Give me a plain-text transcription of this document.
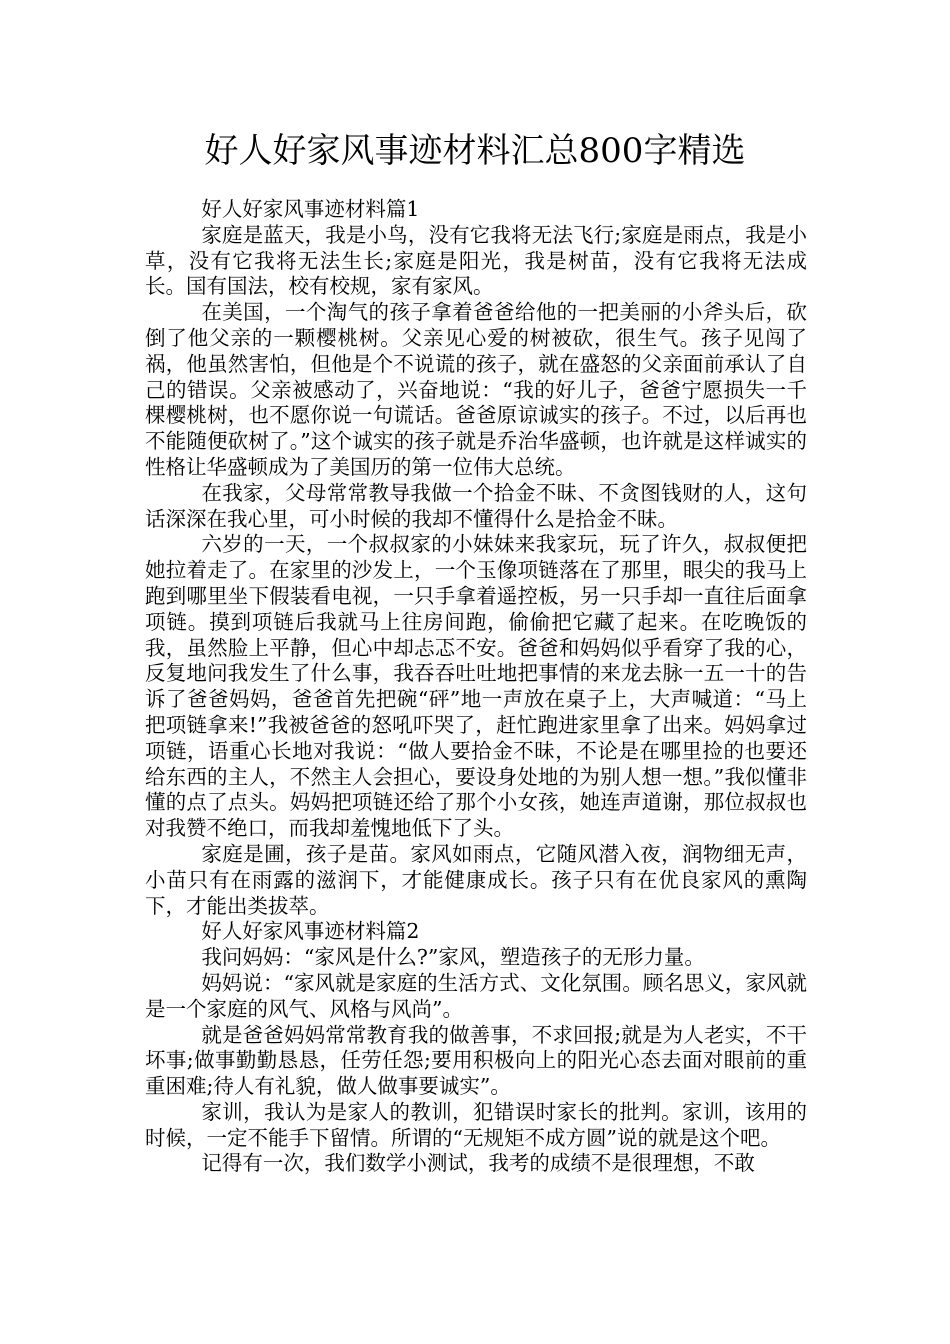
好人好家风事迹材料汇总800字精选

好人好家风事迹材料篇1

家庭是蓝天，我是小鸟，没有它我将无法飞行;家庭是雨点，我是小草，没有它我将无法生长;家庭是阳光，我是树苗，没有它我将无法成长。国有国法，校有校规，家有家风。

在美国，一个淘气的孩子拿着爸爸给他的一把美丽的小斧头后，砍倒了他父亲的一颗樱桃树。父亲见心爱的树被砍，很生气。孩子见闯了祸，他虽然害怕，但他是个不说谎的孩子，就在盛怒的父亲面前承认了自己的错误。父亲被感动了，兴奋地说：“我的好儿子，爸爸宁愿损失一千棵樱桃树，也不愿你说一句谎话。爸爸原谅诚实的孩子。不过，以后再也不能随便砍树了。”这个诚实的孩子就是乔治华盛顿，也许就是这样诚实的性格让华盛顿成为了美国历的第一位伟大总统。

在我家，父母常常教导我做一个拾金不昧、不贪图钱财的人，这句话深深在我心里，可小时候的我却不懂得什么是拾金不昧。

六岁的一天，一个叔叔家的小妹妹来我家玩，玩了许久，叔叔便把她拉着走了。在家里的沙发上，一个玉像项链落在了那里，眼尖的我马上跑到哪里坐下假装看电视，一只手拿着遥控板，另一只手却一直往后面拿项链。摸到项链后我就马上往房间跑，偷偷把它藏了起来。在吃晚饭的我，虽然脸上平静，但心中却忐忑不安。爸爸和妈妈似乎看穿了我的心，反复地问我发生了什么事，我吞吞吐吐地把事情的来龙去脉一五一十的告诉了爸爸妈妈，爸爸首先把碗“砰”地一声放在桌子上，大声喊道：“马上把项链拿来!”我被爸爸的怒吼吓哭了，赶忙跑进家里拿了出来。妈妈拿过项链，语重心长地对我说：“做人要拾金不昧，不论是在哪里捡的也要还给东西的主人，不然主人会担心，要设身处地的为别人想一想。”我似懂非懂的点了点头。妈妈把项链还给了那个小女孩，她连声道谢，那位叔叔也对我赞不绝口，而我却羞愧地低下了头。

家庭是圃，孩子是苗。家风如雨点，它随风潜入夜，润物细无声，小苗只有在雨露的滋润下，才能健康成长。孩子只有在优良家风的熏陶下，才能出类拔萃。

好人好家风事迹材料篇2

我问妈妈：“家风是什么?”家风，塑造孩子的无形力量。

妈妈说：“家风就是家庭的生活方式、文化氛围。顾名思义，家风就是一个家庭的风气、风格与风尚”。

就是爸爸妈妈常常教育我的做善事，不求回报;就是为人老实，不干坏事;做事勤勤恳恳，任劳任怨;要用积极向上的阳光心态去面对眼前的重重困难;待人有礼貌，做人做事要诚实”。

家训，我认为是家人的教训，犯错误时家长的批判。家训，该用的时候，一定不能手下留情。所谓的“无规矩不成方圆”说的就是这个吧。

记得有一次，我们数学小测试，我考的成绩不是很理想，不敢
